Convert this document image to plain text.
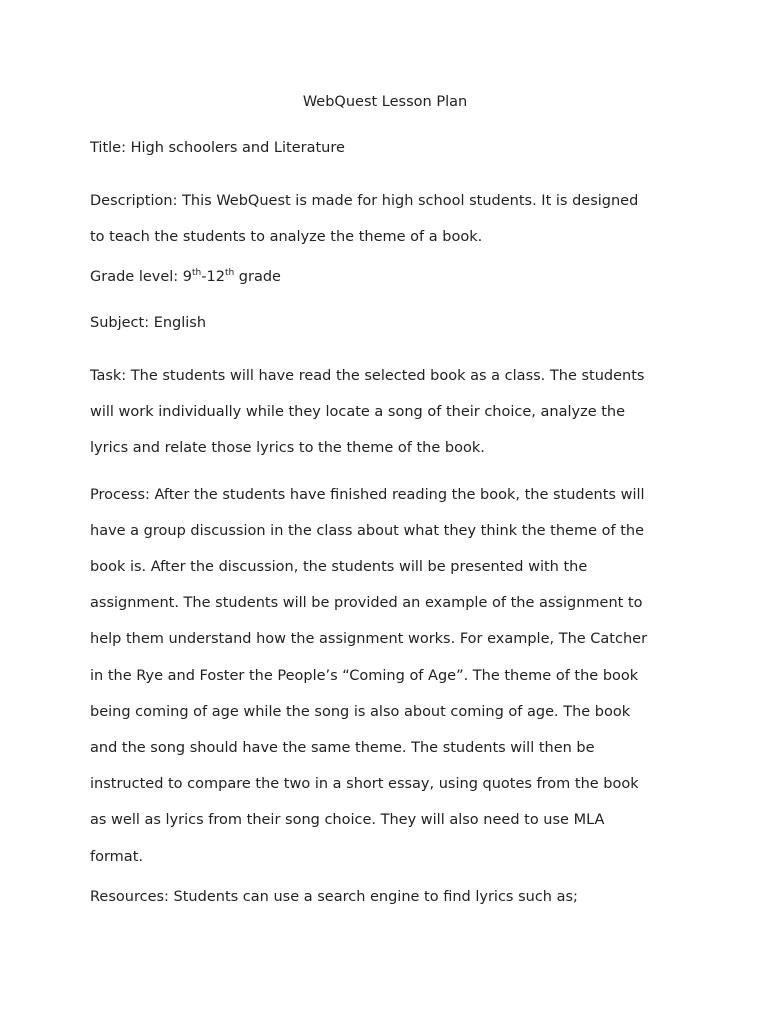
WebQuest Lesson Plan
Title: High schoolers and Literature
Description: This WebQuest is made for high school students. It is designed
to teach the students to analyze the theme of a book.
Grade level: 9th-12th grade
Subject: English
Task: The students will have read the selected book as a class. The students
will work individually while they locate a song of their choice, analyze the
lyrics and relate those lyrics to the theme of the book.
Process: After the students have finished reading the book, the students will
have a group discussion in the class about what they think the theme of the
book is. After the discussion, the students will be presented with the
assignment. The students will be provided an example of the assignment to
help them understand how the assignment works. For example, The Catcher
in the Rye and Foster the People’s “Coming of Age”. The theme of the book
being coming of age while the song is also about coming of age. The book
and the song should have the same theme. The students will then be
instructed to compare the two in a short essay, using quotes from the book
as well as lyrics from their song choice. They will also need to use MLA
format.
Resources: Students can use a search engine to find lyrics such as;
